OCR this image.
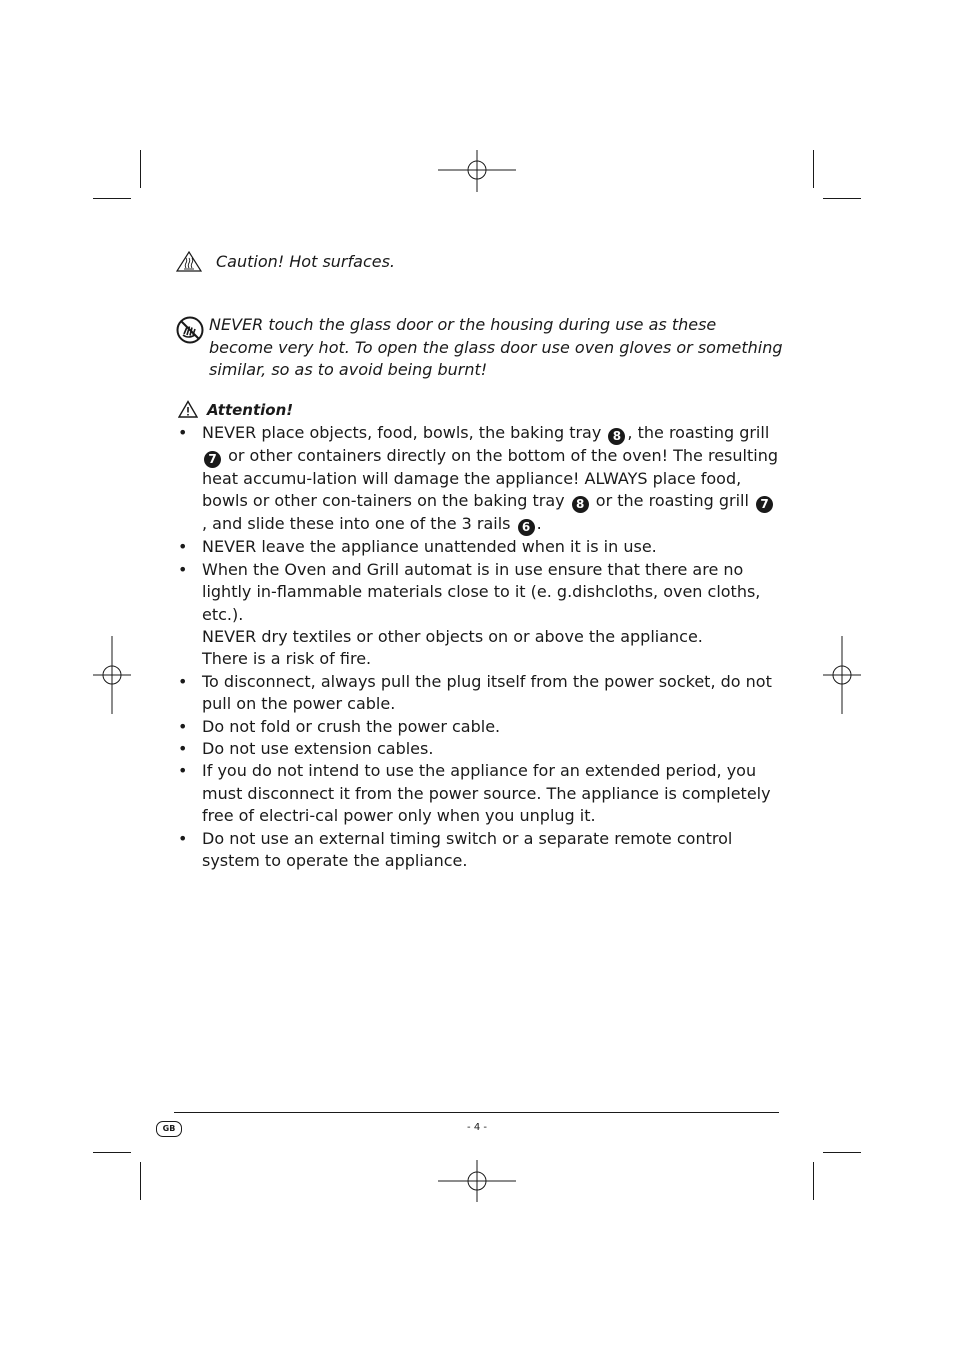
Caution! Hot surfaces.
NEVER touch the glass door or the housing during use as these become very hot. To open the glass door use oven gloves or something similar, so as to avoid being burnt!
Attention!
• NEVER place objects, food, bowls, the baking tray 8 , the roasting grill 7 or other containers directly on the bottom of the oven! The resulting heat accumu-lation will damage the appliance! ALWAYS place food, bowls or other con-tainers on the baking tray 8 or the roasting grill 7, and slide these into one of the 3 rails 6 .
• NEVER leave the appliance unattended when it is in use.
• When the Oven and Grill automat is in use ensure that there are no lightly in-flammable materials close to it (e. g.dishcloths, oven cloths, etc.).
NEVER dry textiles or other objects on or above the appliance.
There is a risk of fire.
• To disconnect, always pull the plug itself from the power socket, do not pull on the power cable.
• Do not fold or crush the power cable.
• Do not use extension cables.
• If you do not intend to use the appliance for an extended period, you must disconnect it from the power source. The appliance is completely free of electri-cal power only when you unplug it.
• Do not use an external timing switch or a separate remote control system to operate the appliance.
GB	- 4 -
